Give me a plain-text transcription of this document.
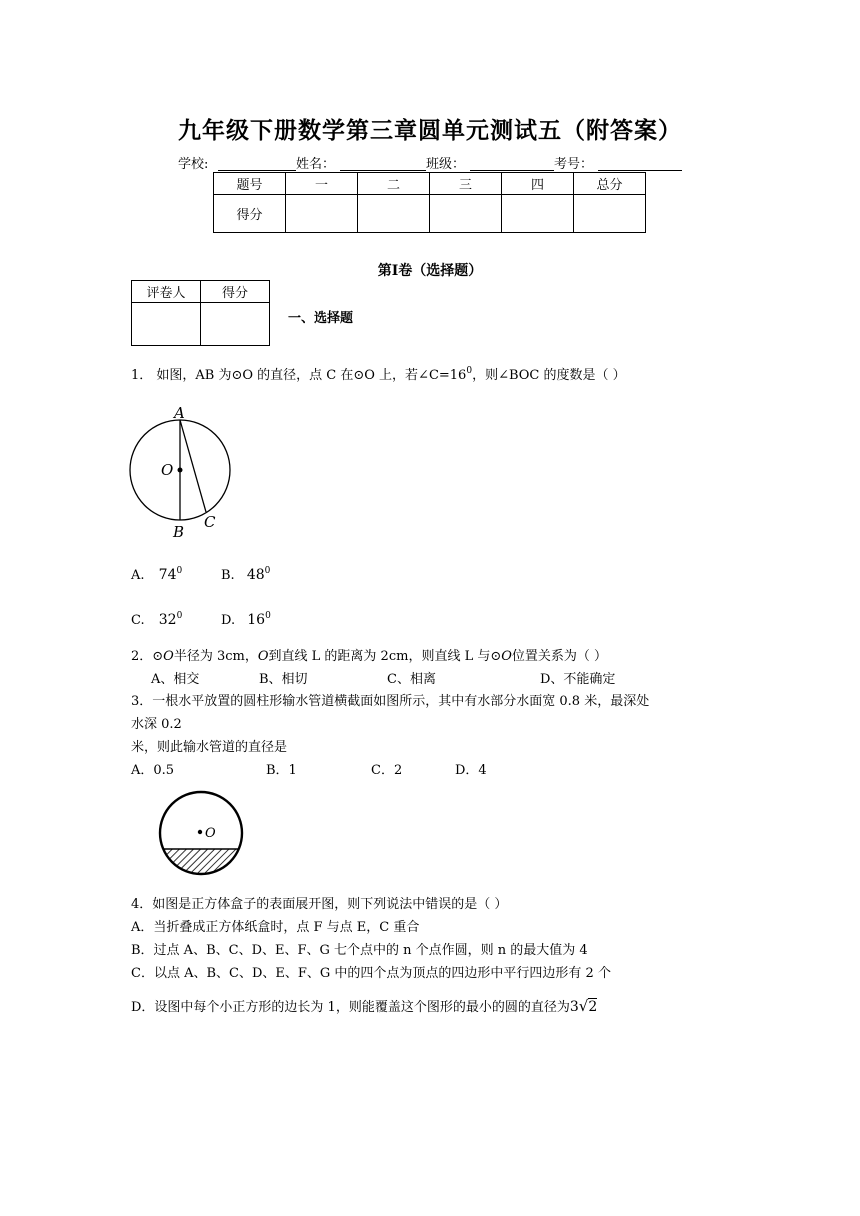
九年级下册数学第三章圆单元测试五（附答案）
学校:	姓名：	班级：	考号：
题号	一	二	三	四	总分
得分					
第Ⅰ卷（选择题）
评卷人	得分

一、选择题
1． 如图，AB 为⊙O 的直径，点 C 在⊙O 上，若$\angle C=16^0$，则∠BOC 的度数是（ ）
A
O
B
C
A. $74^0$	B. $48^0$
C. $32^0$	D. $16^0$
2．⊙O半径为 3cm，O到直线 L 的距离为 2cm，则直线 L 与⊙O位置关系为（ ）
A、相交	B、相切	C、相离	D、不能确定
3．一根水平放置的圆柱形输水管道横截面如图所示，其中有水部分水面宽 0.8 米，最深处
水深 0.2
米，则此输水管道的直径是
A．0.5	B．1	C．2	D．4
O
4．如图是正方体盒子的表面展开图，则下列说法中错误的是（ ）
A．当折叠成正方体纸盒时，点 F 与点 E，C 重合
B．过点 A、B、C、D、E、F、G 七个点中的 n 个点作圆，则 n 的最大值为 4
C．以点 A、B、C、D、E、F、G 中的四个点为顶点的四边形中平行四边形有 2 个
D．设图中每个小正方形的边长为 1，则能覆盖这个图形的最小的圆的直径为3√2
